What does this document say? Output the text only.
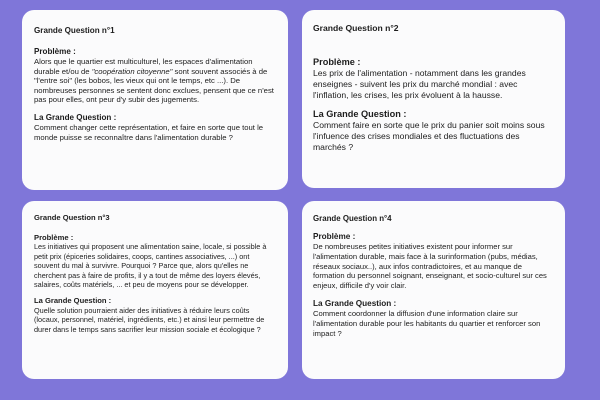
Grande Question n°1

Problème :

Alors que le quartier est multiculturel, les espaces d'alimentation durable et/ou de "coopération citoyenne" sont souvent associés à de "l'entre soi" (les bobos, les vieux qui ont le temps, etc ...). De nombreuses personnes se sentent donc exclues, pensent que ce n'est pas pour elles, ont peur d'y subir des jugements.

La Grande Question :

Comment changer cette représentation, et faire en sorte que tout le monde puisse se reconnaître dans l'alimentation durable ?

Grande Question n°2

Problème :

Les prix de l'alimentation - notamment dans les grandes enseignes - suivent les prix du marché mondial : avec l'inflation, les crises, les prix évoluent à la hausse.

La Grande Question :

Comment faire en sorte que le prix du panier soit moins sous l'infuence des crises mondiales et des fluctuations des marchés ?

Grande Question n°3

Problème :

Les initiatives qui proposent une alimentation saine, locale, si possible à petit prix (épiceries solidaires, coops, cantines associatives, ...) ont souvent du mal à survivre. Pourquoi ? Parce que, alors qu'elles ne cherchent pas à faire de profits, il y a tout de même des loyers élevés, salaires, coûts matériels, ... et peu de moyens pour se développer.

La Grande Question :

Quelle solution pourraient aider des initiatives à réduire leurs coûts (locaux, personnel, matériel, ingrédients, etc.) et ainsi leur permettre de durer dans le temps sans sacrifier leur mission sociale et écologique ?

Grande Question n°4

Problème :

De nombreuses petites initiatives existent pour informer sur l'alimentation durable, mais face à la surinformation (pubs, médias, réseaux sociaux..), aux infos contradictoires, et au manque de formation du personnel soignant, enseignant, et socio-culturel sur ces enjeux, difficile d'y voir clair.

La Grande Question :

Comment coordonner la diffusion d'une information claire sur l'alimentation durable pour les habitants du quartier et renforcer son impact ?
